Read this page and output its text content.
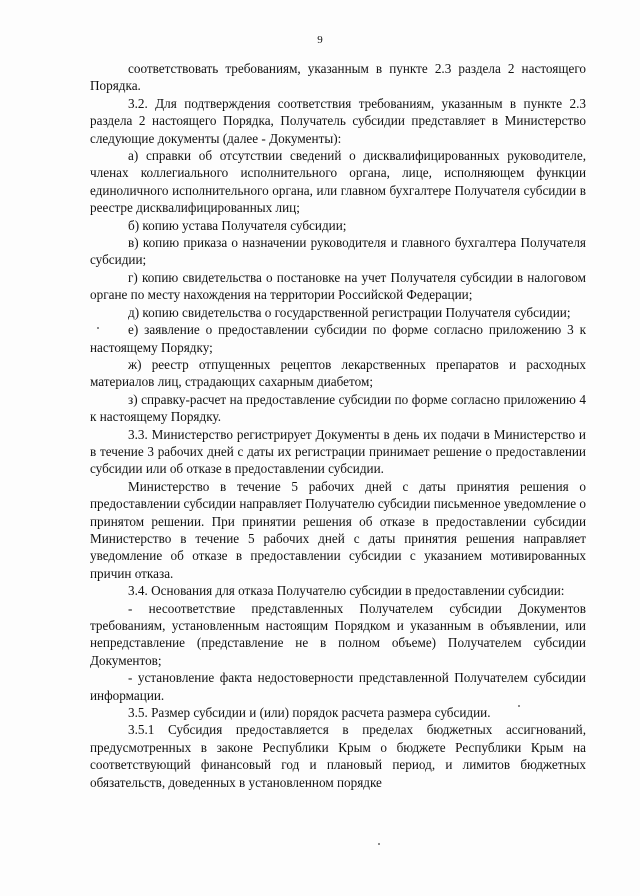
9

соответствовать требованиям, указанным в пункте 2.3 раздела 2 настоящего Порядка.

3.2. Для подтверждения соответствия требованиям, указанным в пункте 2.3 раздела 2 настоящего Порядка, Получатель субсидии представляет в Министерство следующие документы (далее - Документы):

а) справки об отсутствии сведений о дисквалифицированных руководителе, членах коллегиального исполнительного органа, лице, исполняющем функции единоличного исполнительного органа, или главном бухгалтере Получателя субсидии в реестре дисквалифицированных лиц;

б) копию устава Получателя субсидии;

в) копию приказа о назначении руководителя и главного бухгалтера Получателя субсидии;

г) копию свидетельства о постановке на учет Получателя субсидии в налоговом органе по месту нахождения на территории Российской Федерации;

д) копию свидетельства о государственной регистрации Получателя субсидии;

е) заявление о предоставлении субсидии по форме согласно приложению 3 к настоящему Порядку;

ж) реестр отпущенных рецептов лекарственных препаратов и расходных материалов лиц, страдающих сахарным диабетом;

з) справку-расчет на предоставление субсидии по форме согласно приложению 4 к настоящему Порядку.

3.3. Министерство регистрирует Документы в день их подачи в Министерство и в течение 3 рабочих дней с даты их регистрации принимает решение о предоставлении субсидии или об отказе в предоставлении субсидии.

Министерство в течение 5 рабочих дней с даты принятия решения о предоставлении субсидии направляет Получателю субсидии письменное уведомление о принятом решении. При принятии решения об отказе в предоставлении субсидии Министерство в течение 5 рабочих дней с даты принятия решения направляет уведомление об отказе в предоставлении субсидии с указанием мотивированных причин отказа.

3.4. Основания для отказа Получателю субсидии в предоставлении субсидии:

- несоответствие представленных Получателем субсидии Документов требованиям, установленным настоящим Порядком и указанным в объявлении, или непредставление (представление не в полном объеме) Получателем субсидии Документов;

- установление факта недостоверности представленной Получателем субсидии информации.

3.5. Размер субсидии и (или) порядок расчета размера субсидии.

3.5.1 Субсидия предоставляется в пределах бюджетных ассигнований, предусмотренных в законе Республики Крым о бюджете Республики Крым на соответствующий финансовый год и плановый период, и лимитов бюджетных обязательств, доведенных в установленном порядке
